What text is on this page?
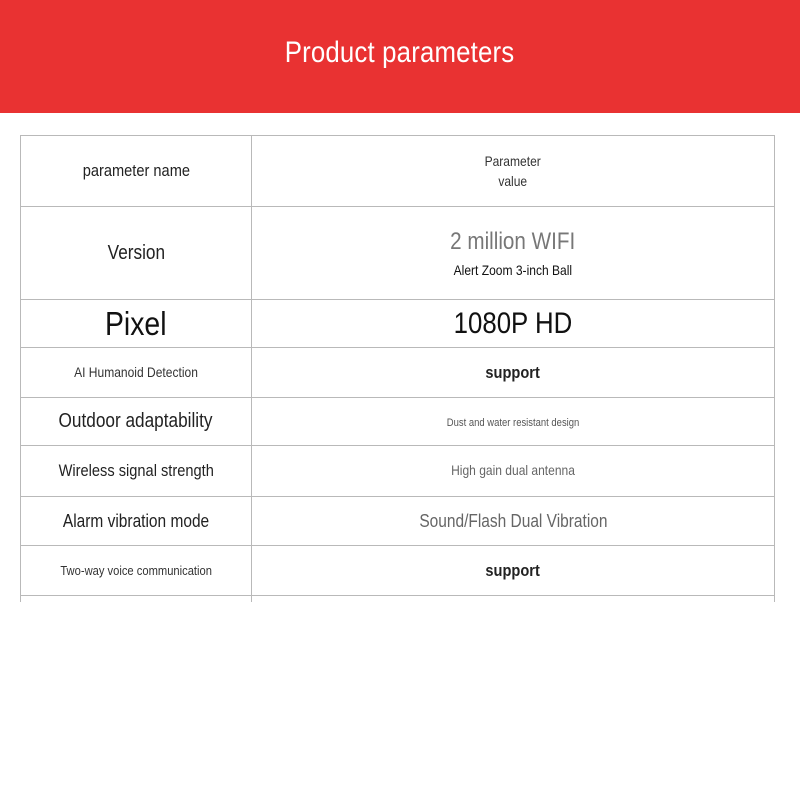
Product parameters
parameter name	Parameter
value

Version	2 million WIFI
Alert Zoom 3-inch Ball

Pixel	1080P HD
AI Humanoid Detection	support
Outdoor adaptability	Dust and water resistant design
Wireless signal strength	High gain dual antenna
Alarm vibration mode	Sound/Flash Dual Vibration
Two-way voice communication	support
